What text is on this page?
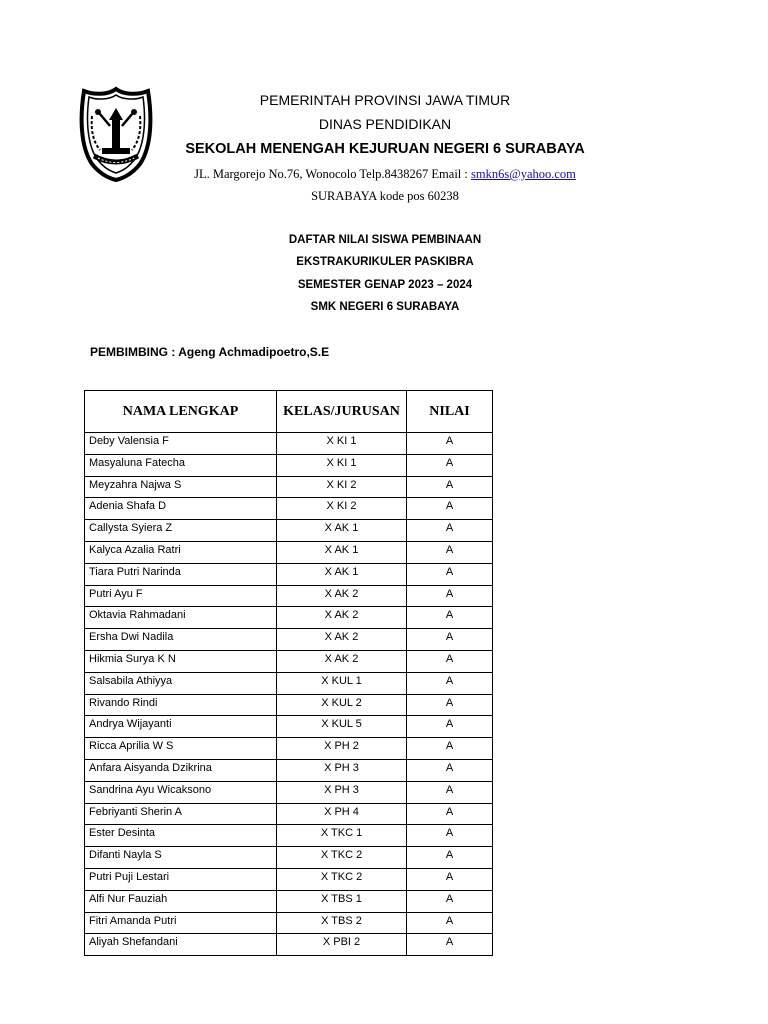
PEMERINTAH PROVINSI JAWA TIMUR
DINAS PENDIDIKAN
SEKOLAH MENENGAH KEJURUAN NEGERI 6 SURABAYA
JL. Margorejo No.76, Wonocolo Telp.8438267 Email : smkn6s@yahoo.com
SURABAYA kode pos 60238
DAFTAR NILAI SISWA PEMBINAAN
EKSTRAKURIKULER PASKIBRA
SEMESTER GENAP 2023 – 2024
SMK NEGERI 6 SURABAYA
PEMBIMBING : Ageng Achmadipoetro,S.E
NAMA LENGKAP	KELAS/JURUSAN	NILAI
Deby Valensia F	X KI 1	A
Masyaluna Fatecha	X KI 1	A
Meyzahra Najwa S	X KI 2	A
Adenia Shafa D	X KI 2	A
Callysta Syiera Z	X AK 1	A
Kalyca Azalia Ratri	X AK 1	A
Tiara Putri Narinda	X AK 1	A
Putri Ayu F	X AK 2	A
Oktavia Rahmadani	X AK 2	A
Ersha Dwi Nadila	X AK 2	A
Hikmia Surya K N	X AK 2	A
Salsabila Athiyya	X KUL 1	A
Rivando Rindi	X KUL 2	A
Andrya Wijayanti	X KUL 5	A
Ricca Aprilia W S	X PH 2	A
Anfara Aisyanda Dzikrina	X PH 3	A
Sandrina Ayu Wicaksono	X PH 3	A
Febriyanti Sherin A	X PH 4	A
Ester Desinta	X TKC 1	A
Difanti Nayla S	X TKC 2	A
Putri Puji Lestari	X TKC 2	A
Alfi Nur Fauziah	X TBS 1	A
Fitri Amanda Putri	X TBS 2	A
Aliyah Shefandani	X PBI 2	A
